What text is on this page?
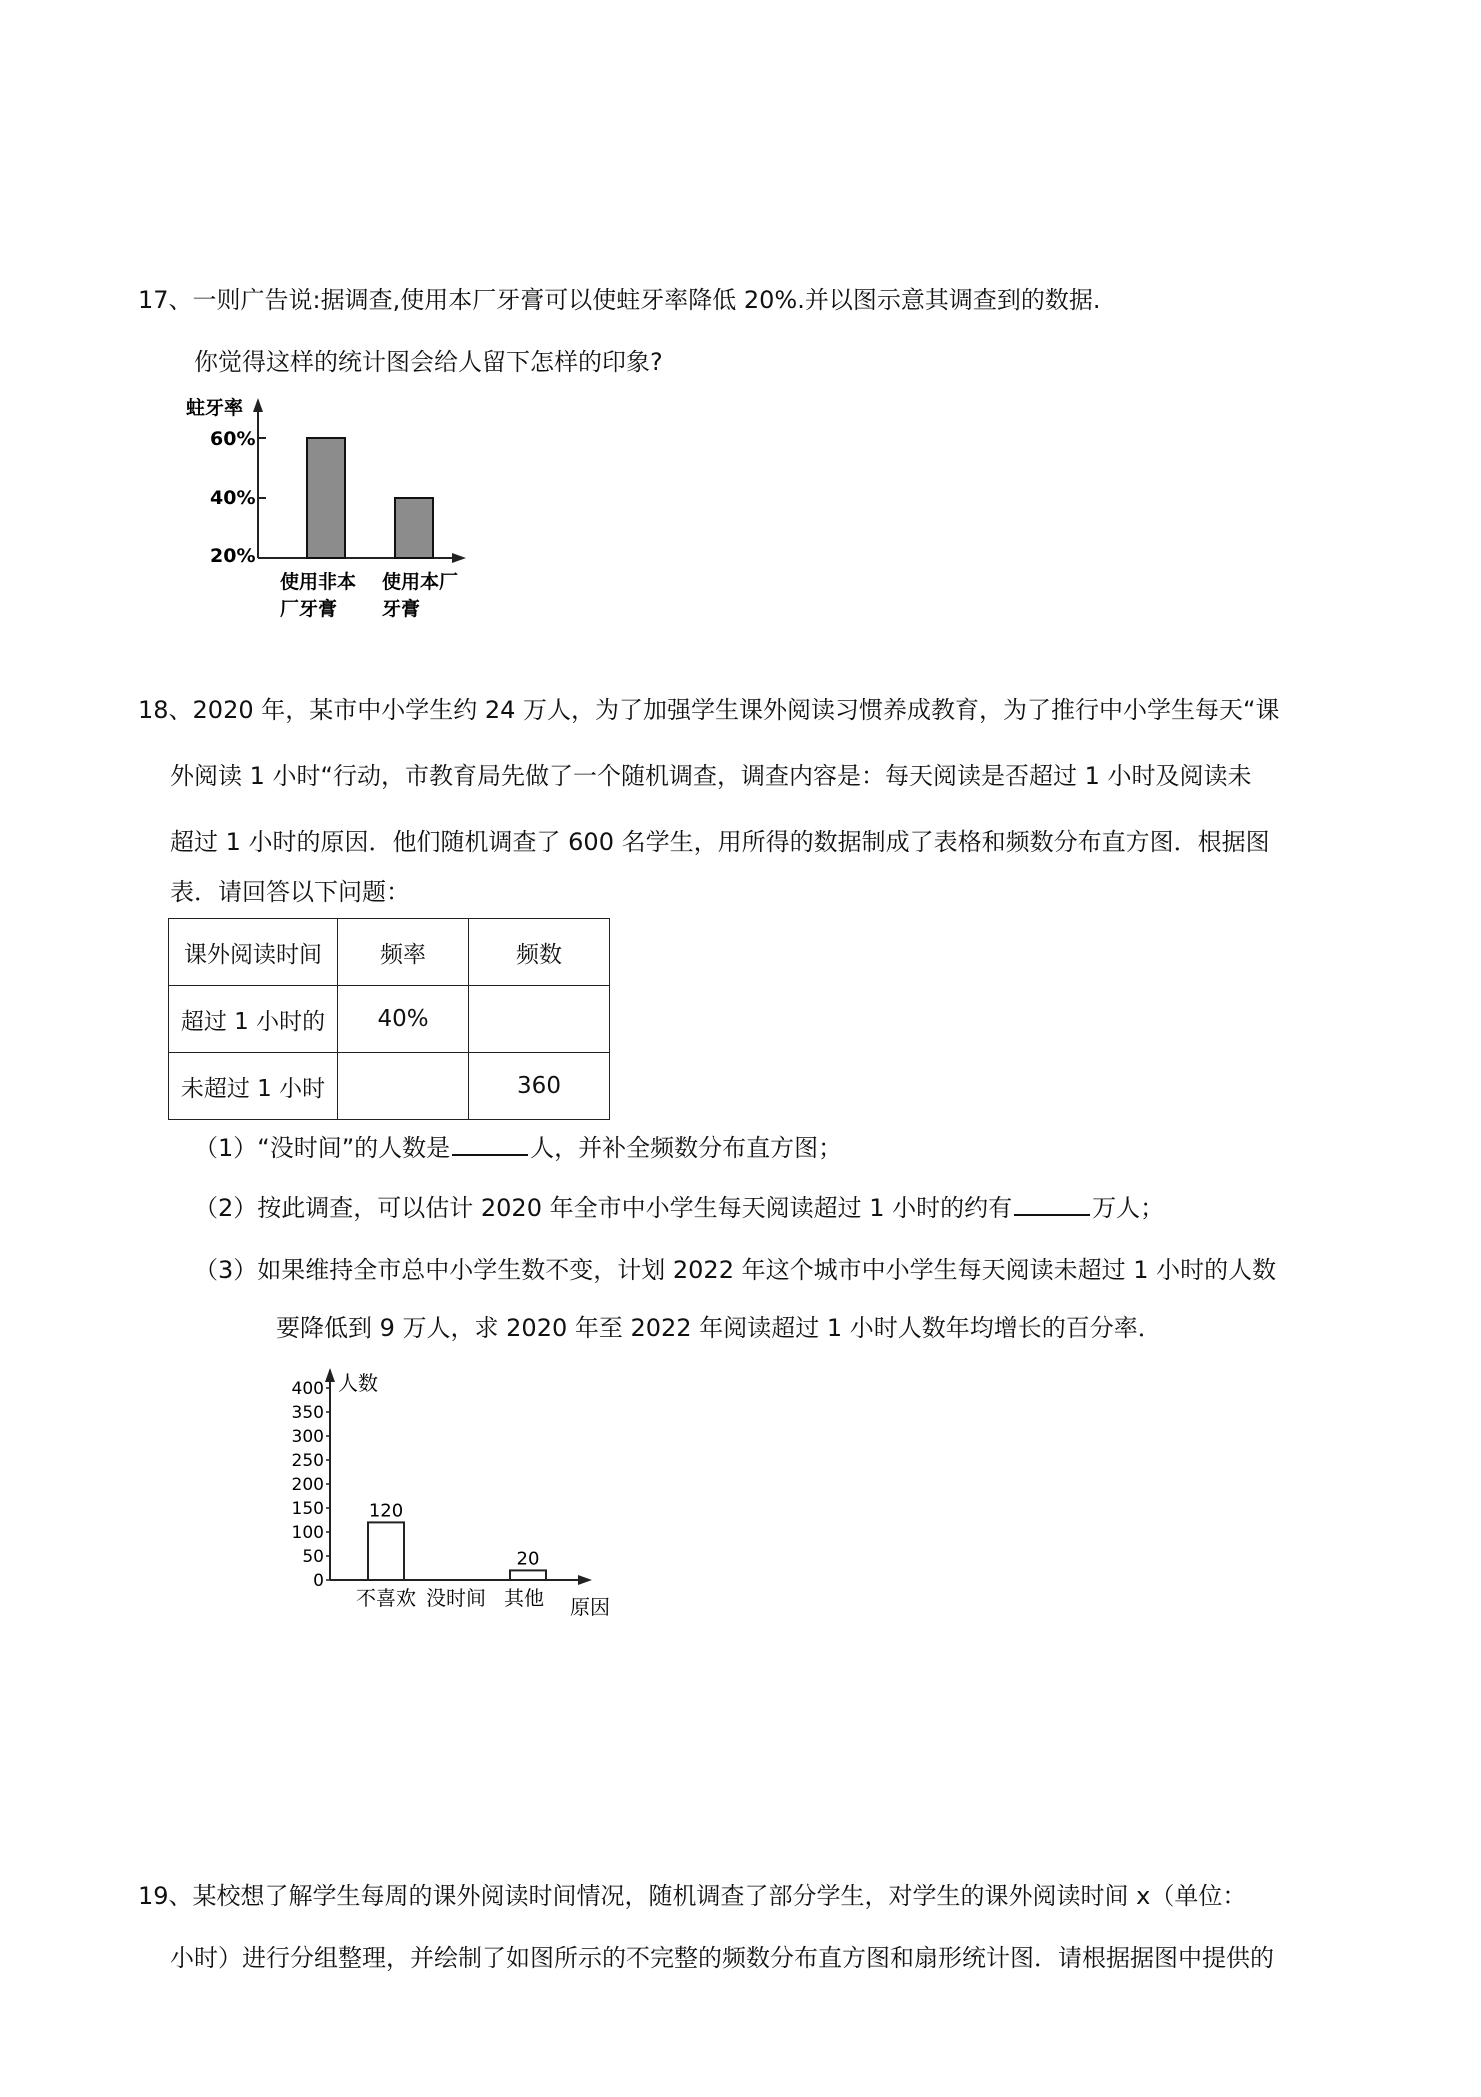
17、一则广告说:据调查,使用本厂牙膏可以使蛀牙率降低 20%.并以图示意其调查到的数据.
你觉得这样的统计图会给人留下怎样的印象?
蛀牙率
60%
40%
20%
使用非本
厂牙膏
使用本厂
牙膏
18、2020 年，某市中小学生约 24 万人，为了加强学生课外阅读习惯养成教育，为了推行中小学生每天“课
外阅读 1 小时“行动，市教育局先做了一个随机调查，调查内容是：每天阅读是否超过 1 小时及阅读未
超过 1 小时的原因．他们随机调查了 600 名学生，用所得的数据制成了表格和频数分布直方图．根据图
表．请回答以下问题：
课外阅读时间	频率	频数
超过 1 小时的	40%	
未超过 1 小时		360
（1）“没时间”的人数是	人，并补全频数分布直方图；
（2）按此调查，可以估计 2020 年全市中小学生每天阅读超过 1 小时的约有	万人；
（3）如果维持全市总中小学生数不变，计划 2022 年这个城市中小学生每天阅读未超过 1 小时的人数
要降低到 9 万人，求 2020 年至 2022 年阅读超过 1 小时人数年均增长的百分率．
人数
0
50
100
150
200
250
300
350
400
120
20
不喜欢 没时间 其他 原因
19、某校想了解学生每周的课外阅读时间情况，随机调查了部分学生，对学生的课外阅读时间 x（单位：
小时）进行分组整理，并绘制了如图所示的不完整的频数分布直方图和扇形统计图．请根据据图中提供的
